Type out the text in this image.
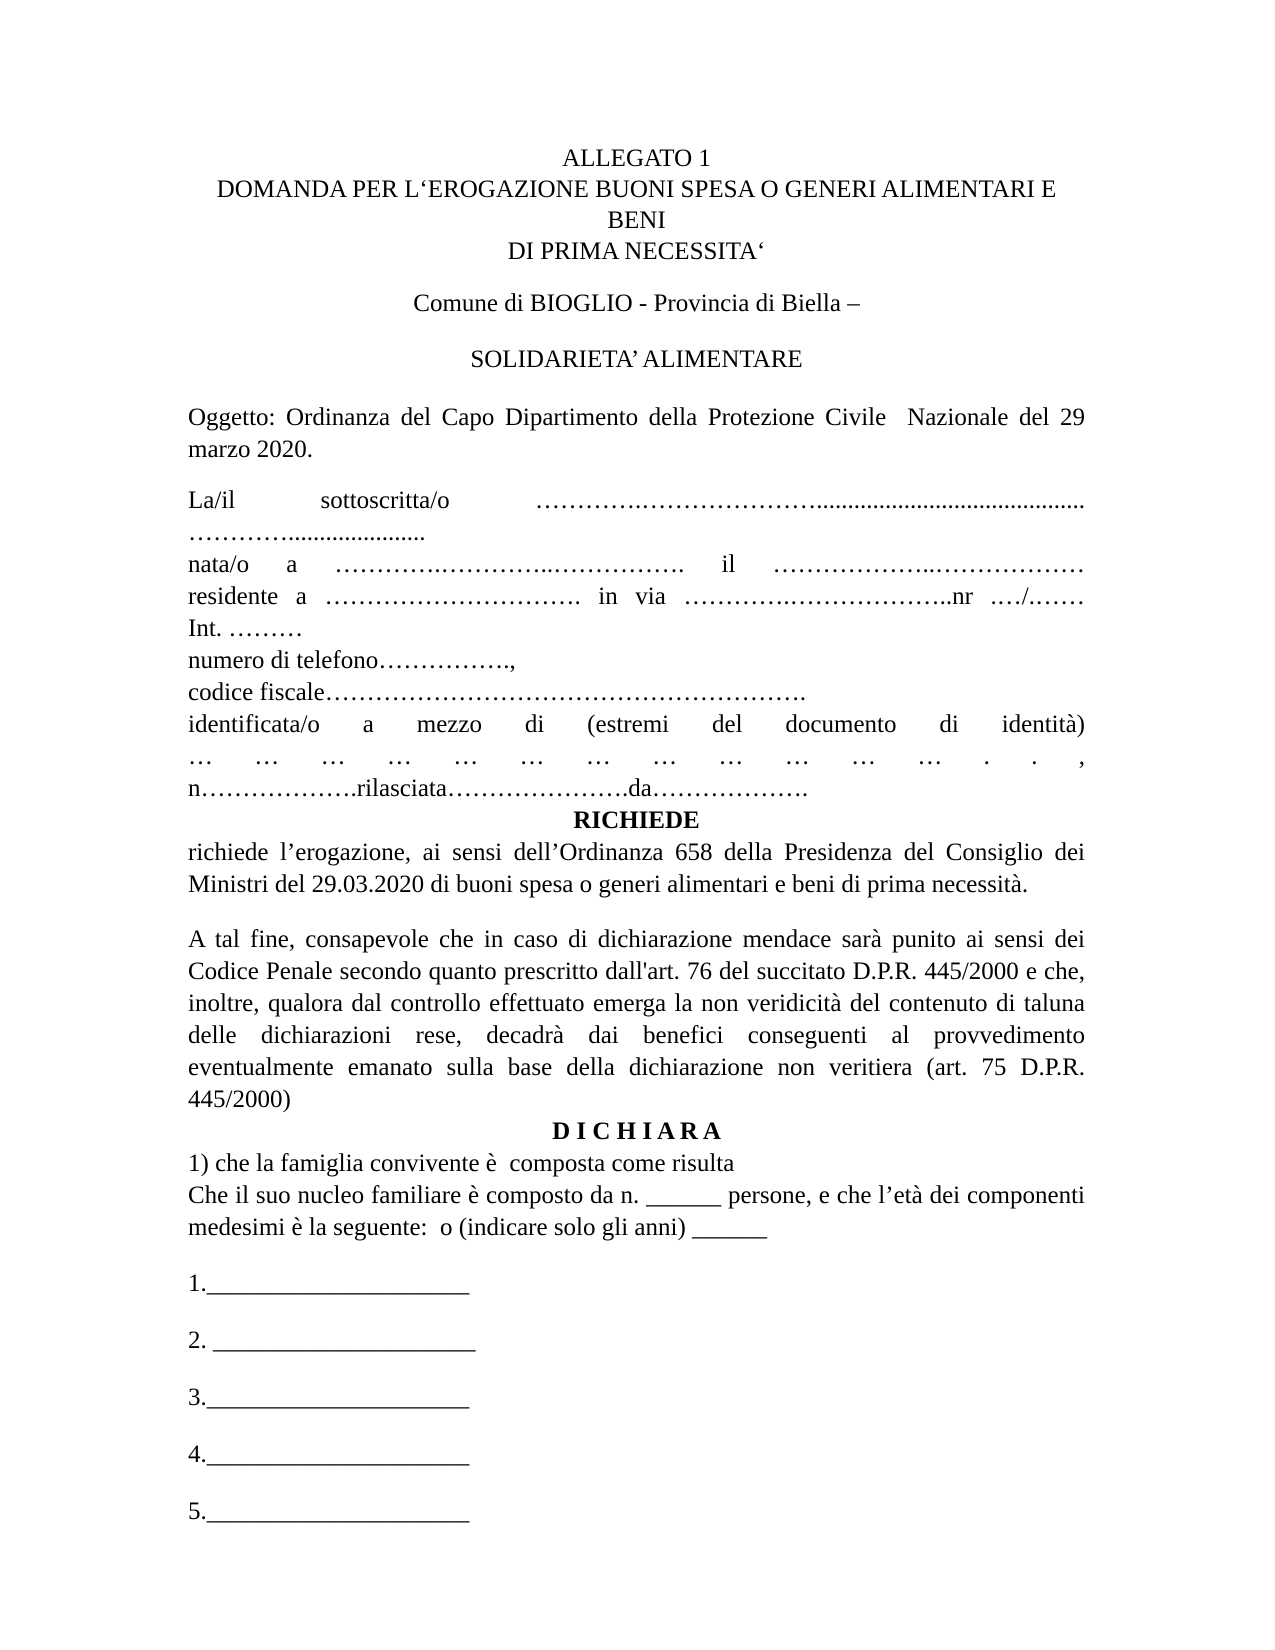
ALLEGATO 1
DOMANDA PER L‘EROGAZIONE BUONI SPESA O GENERI ALIMENTARI E
BENI
DI PRIMA NECESSITA‘
Comune di BIOGLIO - Provincia di Biella –
SOLIDARIETA’ ALIMENTARE
Oggetto: Ordinanza del Capo Dipartimento della Protezione Civile  Nazionale del 29 marzo 2020.
La/il sottoscritta/o ………….…………………...........................................
…………......................
nata/o a ………….…………..……………. il ………………..………………
residente a …………………………. in via ………….………………..nr .…/.……
Int. ………
numero di telefono…………….,
codice fiscale………………………………………………….
identificata/o a mezzo di (estremi del documento di identità)
… … … … … … … … … … … … . . ,
n……………….rilasciata………………….da……………….
RICHIEDE
richiede l’erogazione, ai sensi dell’Ordinanza 658 della Presidenza del Consiglio dei Ministri del 29.03.2020 di buoni spesa o generi alimentari e beni di prima necessità.
A tal fine, consapevole che in caso di dichiarazione mendace sarà punito ai sensi dei Codice Penale secondo quanto prescritto dall'art. 76 del succitato D.P.R. 445/2000 e che, inoltre, qualora dal controllo effettuato emerga la non veridicità del contenuto di taluna delle dichiarazioni rese, decadrà dai benefici conseguenti al provvedimento eventualmente emanato sulla base della dichiarazione non veritiera (art. 75 D.P.R. 445/2000)
D I C H I A R A
1) che la famiglia convivente è  composta come risulta
Che il suo nucleo familiare è composto da n. ______ persone, e che l’età dei componenti medesimi è la seguente:  o (indicare solo gli anni) ______
1._____________________
2. _____________________
3._____________________
4._____________________
5._____________________
